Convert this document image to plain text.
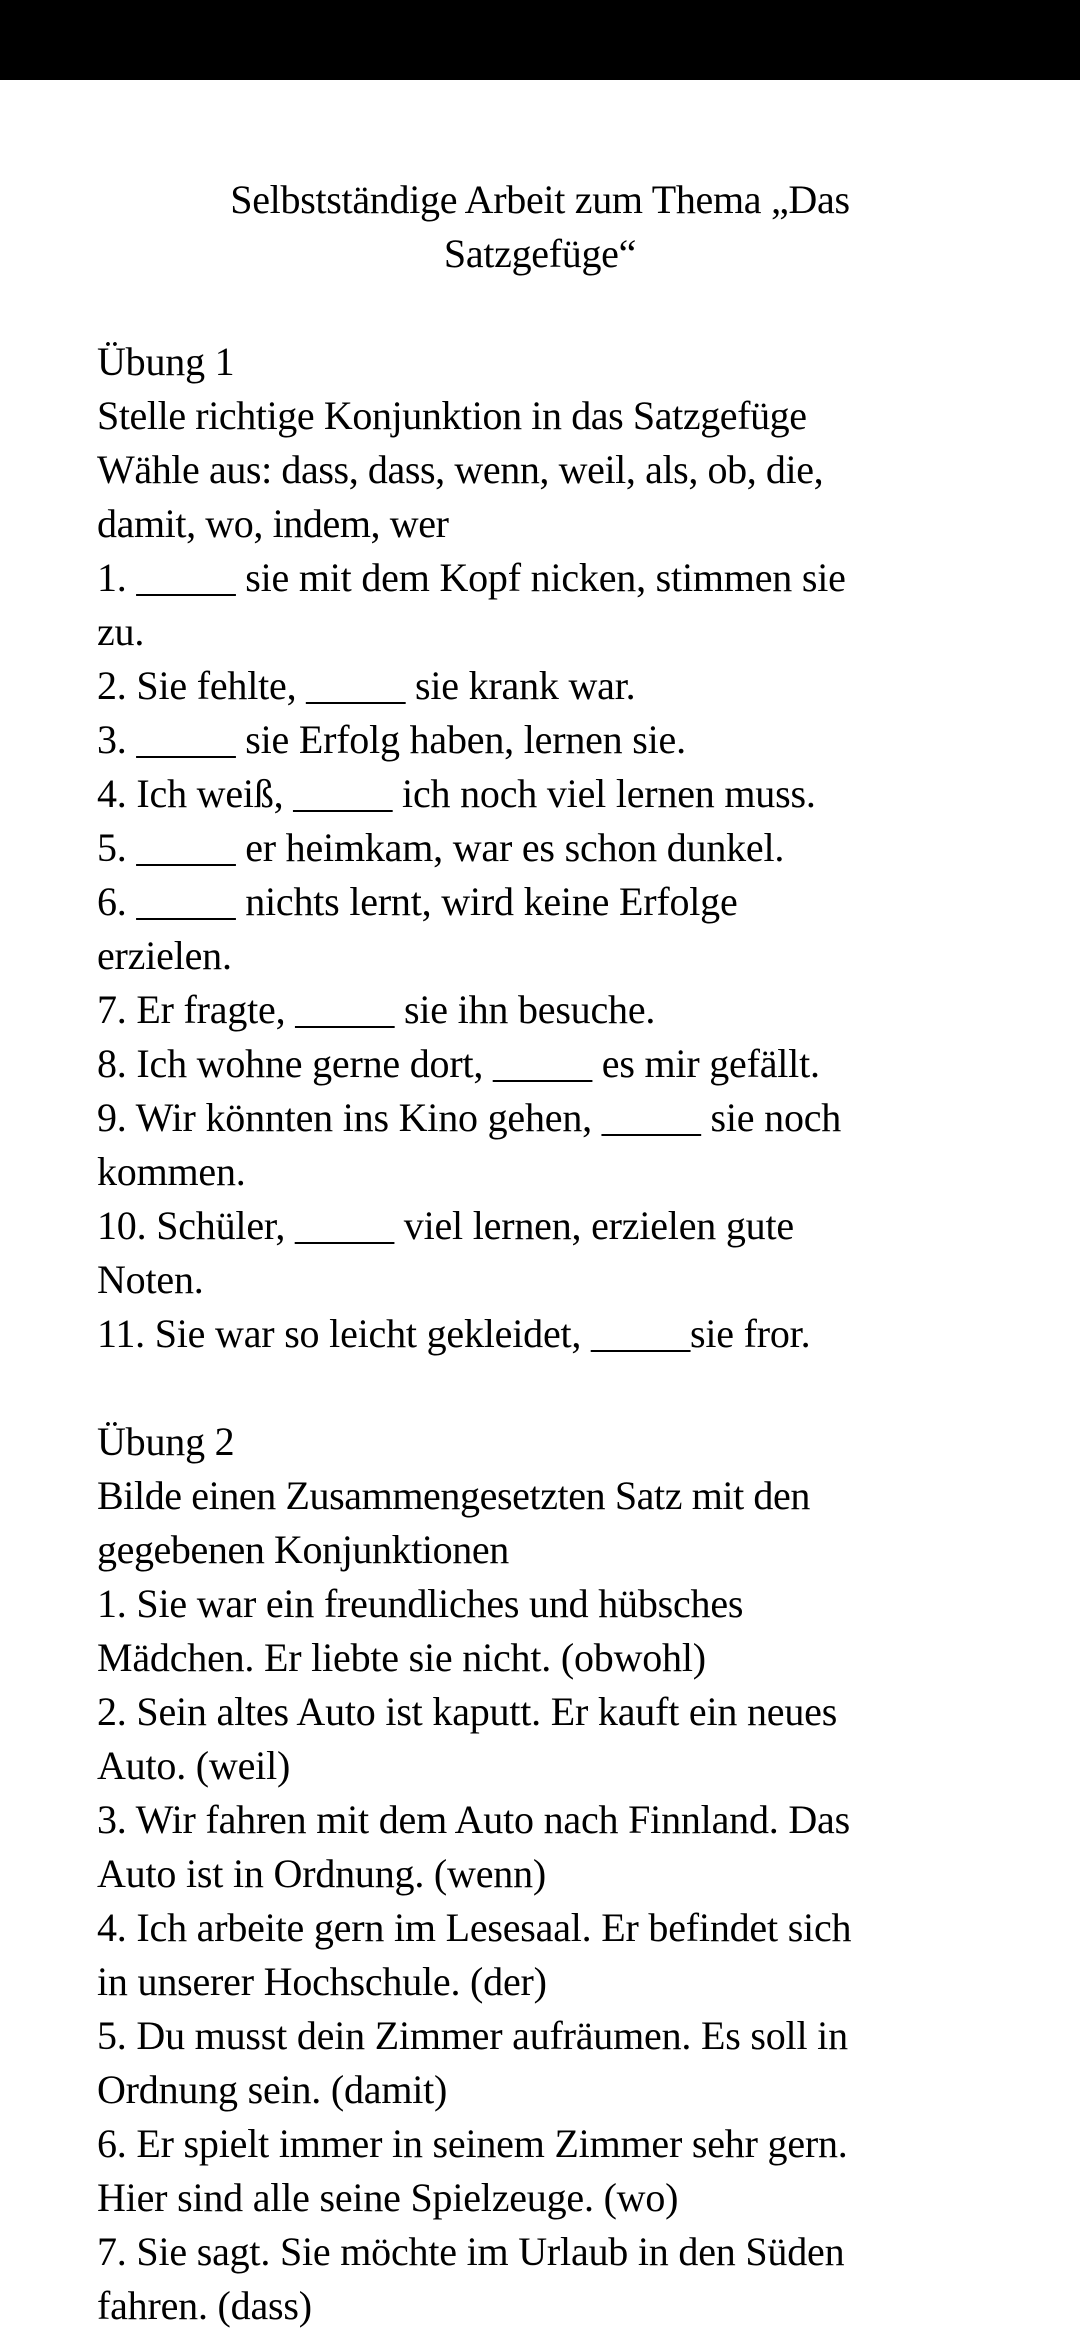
Selbstständige Arbeit zum Thema „Das
Satzgefüge“
Übung 1
Stelle richtige Konjunktion in das Satzgefüge
Wähle aus: dass, dass, wenn, weil, als, ob, die,
damit, wo, indem, wer
1. _____ sie mit dem Kopf nicken, stimmen sie
zu.
2. Sie fehlte, _____ sie krank war.
3. _____ sie Erfolg haben, lernen sie.
4. Ich weiß, _____ ich noch viel lernen muss.
5. _____ er heimkam, war es schon dunkel.
6. _____ nichts lernt, wird keine Erfolge
erzielen.
7. Er fragte, _____ sie ihn besuche.
8. Ich wohne gerne dort, _____ es mir gefällt.
9. Wir könnten ins Kino gehen, _____ sie noch
kommen.
10. Schüler, _____ viel lernen, erzielen gute
Noten.
11. Sie war so leicht gekleidet, _____sie fror.
Übung 2
Bilde einen Zusammengesetzten Satz mit den
gegebenen Konjunktionen
1. Sie war ein freundliches und hübsches
Mädchen. Er liebte sie nicht. (obwohl)
2. Sein altes Auto ist kaputt. Er kauft ein neues
Auto. (weil)
3. Wir fahren mit dem Auto nach Finnland. Das
Auto ist in Ordnung. (wenn)
4. Ich arbeite gern im Lesesaal. Er befindet sich
in unserer Hochschule. (der)
5. Du musst dein Zimmer aufräumen. Es soll in
Ordnung sein. (damit)
6. Er spielt immer in seinem Zimmer sehr gern.
Hier sind alle seine Spielzeuge. (wo)
7. Sie sagt. Sie möchte im Urlaub in den Süden
fahren. (dass)
